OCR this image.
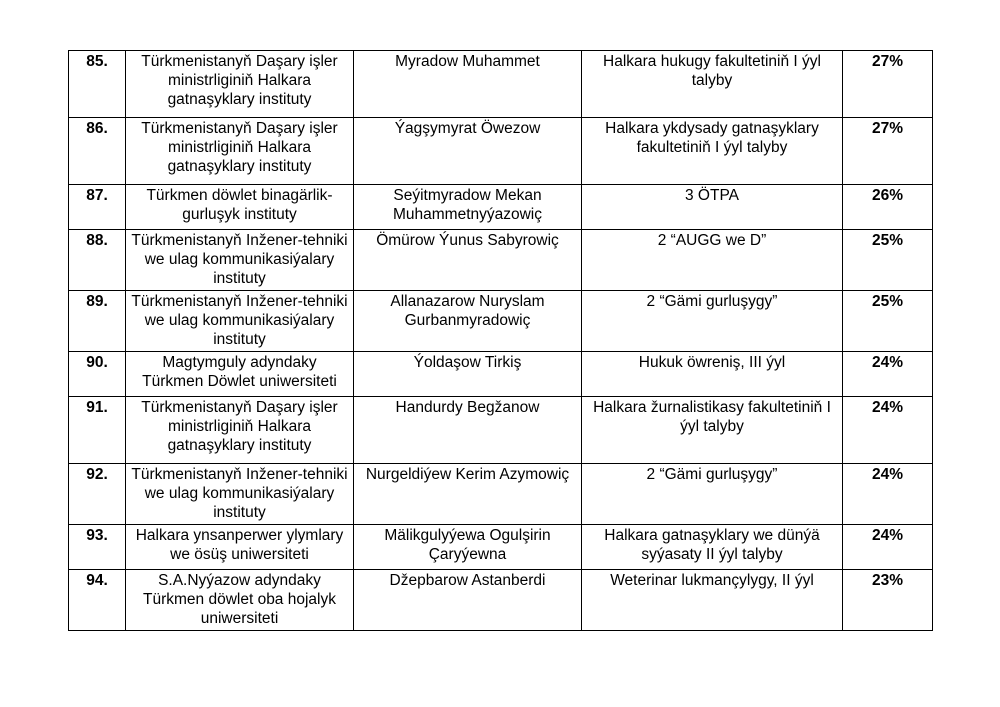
85.	Türkmenistanyň Daşary işler ministrliginiň Halkara gatnaşyklary instituty	Myradow Muhammet	Halkara hukugy fakultetiniň I ýyl talyby	27%
86.	Türkmenistanyň Daşary işler ministrliginiň Halkara gatnaşyklary instituty	Ýagşymyrat Öwezow	Halkara ykdysady gatnaşyklary fakultetiniň I ýyl talyby	27%
87.	Türkmen döwlet binagärlik-gurluşyk instituty	Seýitmyradow Mekan Muhammetnyýazowiç	3 ÖTPA	26%
88.	Türkmenistanyň Inžener-tehniki we ulag kommunikasiýalary instituty	Ömürow Ýunus Sabyrowiç	2 “AUGG we D”	25%
89.	Türkmenistanyň Inžener-tehniki we ulag kommunikasiýalary instituty	Allanazarow Nuryslam Gurbanmyradowiç	2 “Gämi gurluşygy”	25%
90.	Magtymguly adyndaky Türkmen Döwlet uniwersiteti	Ýoldaşow Tirkiş	Hukuk öwreniş, III ýyl	24%
91.	Türkmenistanyň Daşary işler ministrliginiň Halkara gatnaşyklary instituty	Handurdy Begžanow	Halkara žurnalistikasy fakultetiniň I ýyl talyby	24%
92.	Türkmenistanyň Inžener-tehniki we ulag kommunikasiýalary instituty	Nurgeldiýew Kerim Azymowiç	2 “Gämi gurluşygy”	24%
93.	Halkara ynsanperwer ylymlary we ösüş uniwersiteti	Mälikgulyýewa Ogulşirin Çaryýewna	Halkara gatnaşyklary we dünýä syýasaty II ýyl talyby	24%
94.	S.A.Nyýazow adyndaky Türkmen döwlet oba hojalyk uniwersiteti	Džepbarow Astanberdi	Weterinar lukmançylygy, II ýyl	23%
